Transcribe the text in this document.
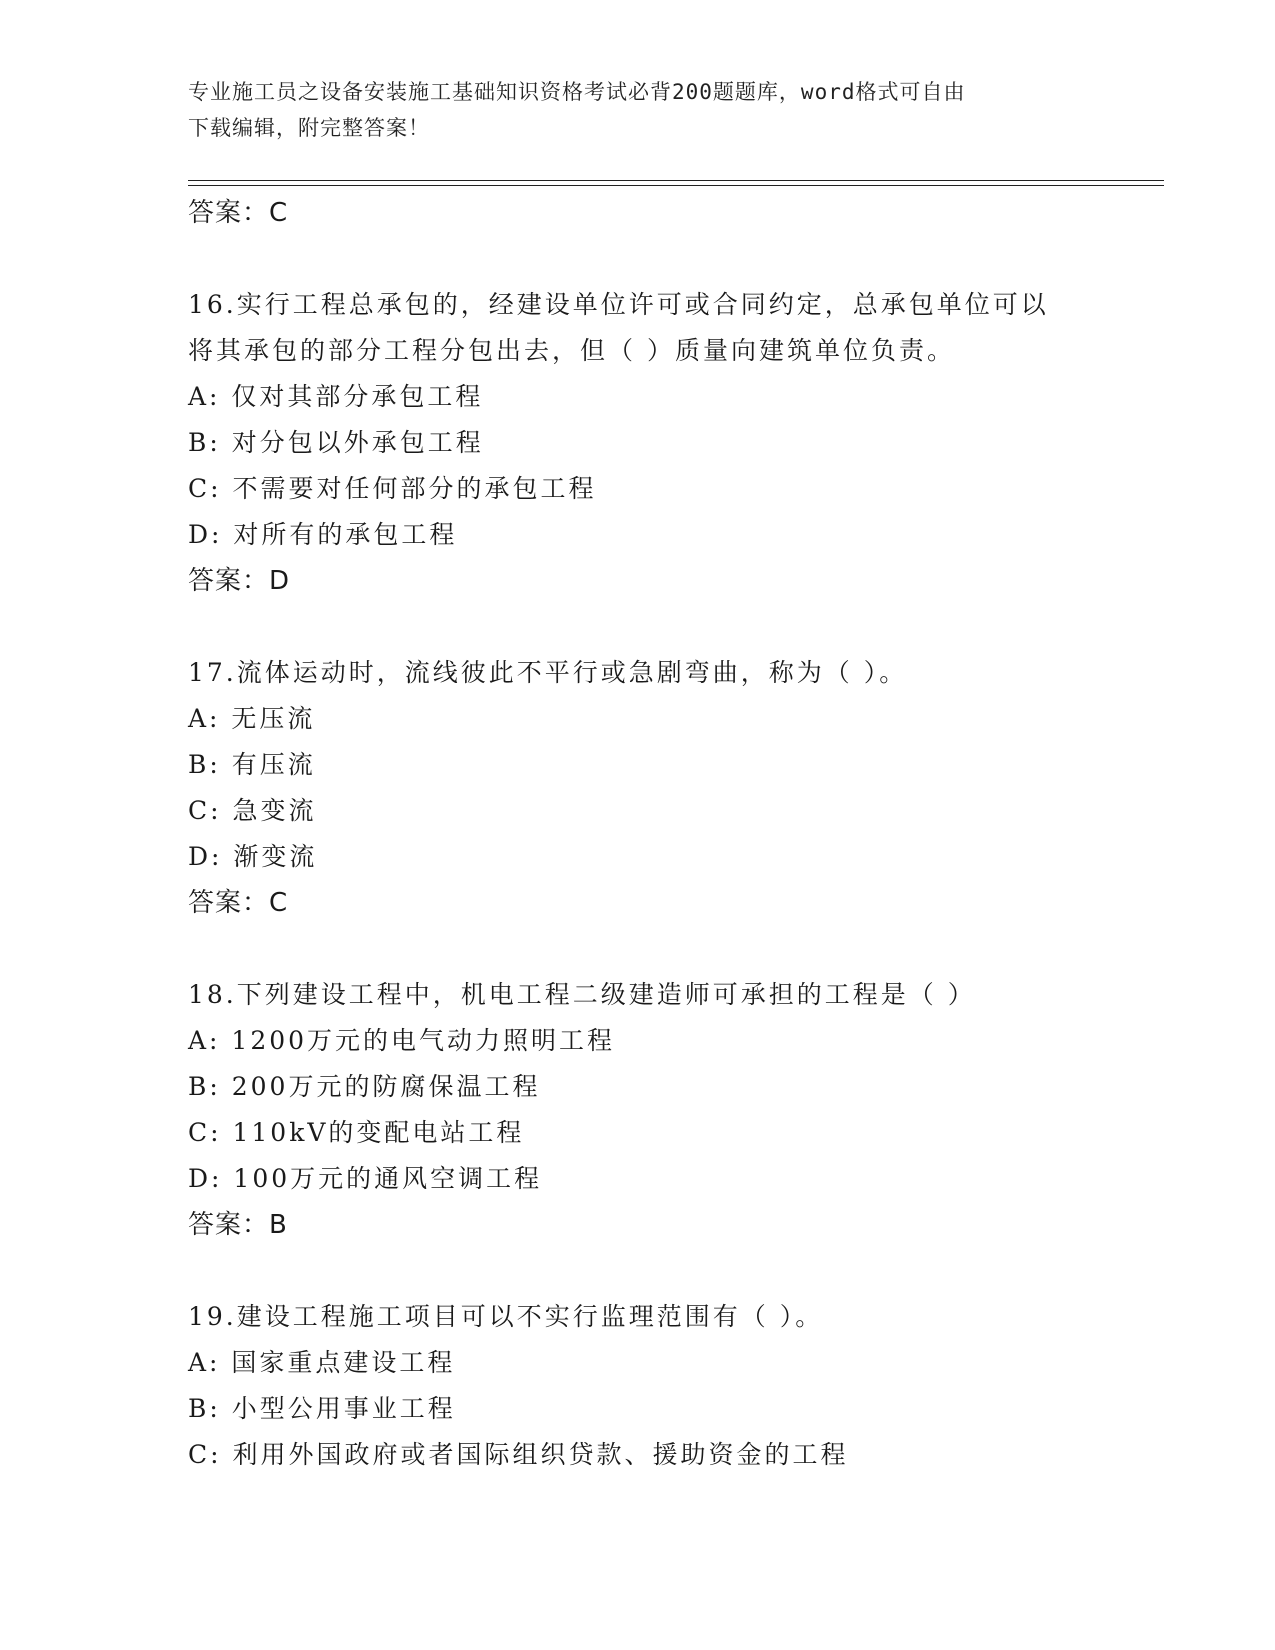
专业施工员之设备安装施工基础知识资格考试必背200题题库，word格式可自由
下载编辑，附完整答案！
答案：C
16.实行工程总承包的，经建设单位许可或合同约定，总承包单位可以
将其承包的部分工程分包出去，但（ ）质量向建筑单位负责。
A: 仅对其部分承包工程
B: 对分包以外承包工程
C: 不需要对任何部分的承包工程
D: 对所有的承包工程
答案：D
17.流体运动时，流线彼此不平行或急剧弯曲，称为（ ）。
A: 无压流
B: 有压流
C: 急变流
D: 渐变流
答案：C
18.下列建设工程中，机电工程二级建造师可承担的工程是（ ）
A: 1200万元的电气动力照明工程
B: 200万元的防腐保温工程
C: 110kV的变配电站工程
D: 100万元的通风空调工程
答案：B
19.建设工程施工项目可以不实行监理范围有（ ）。
A: 国家重点建设工程
B: 小型公用事业工程
C: 利用外国政府或者国际组织贷款、援助资金的工程
